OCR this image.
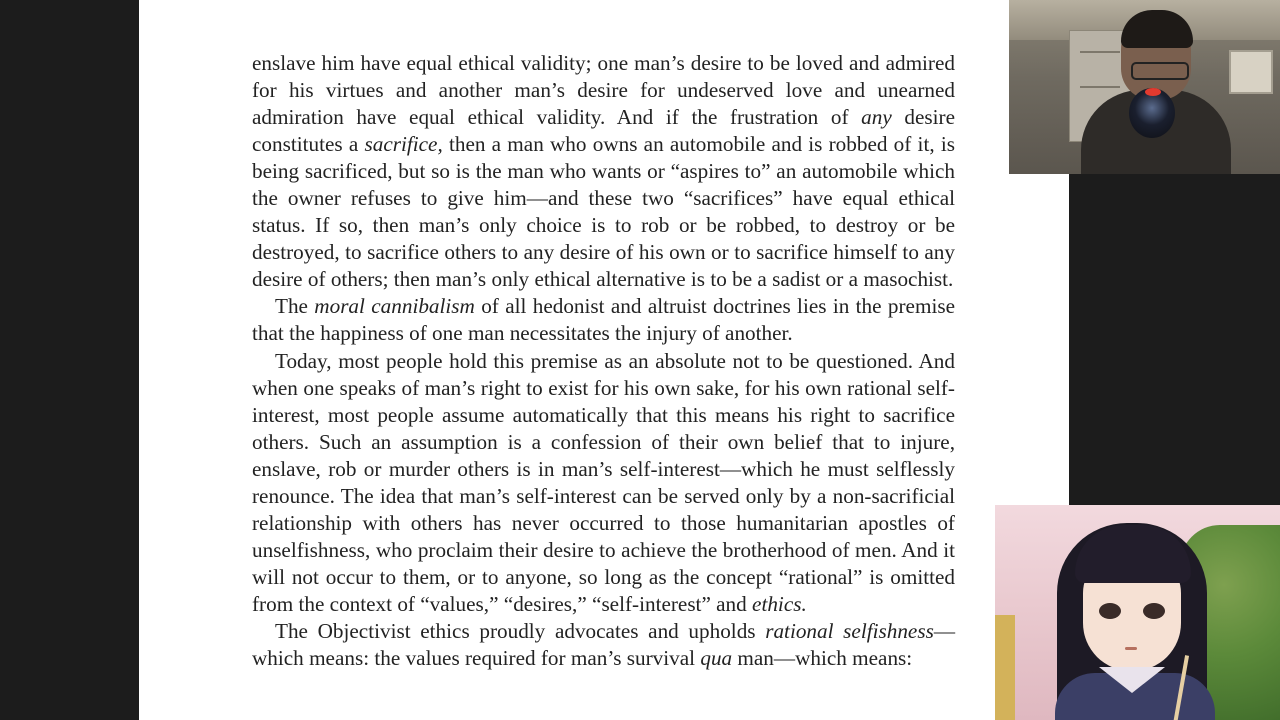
enslave him have equal ethical validity; one man’s desire to be loved and admired for his virtues and another man’s desire for undeserved love and unearned admiration have equal ethical validity. And if the frustration of any desire constitutes a sacrifice, then a man who owns an automobile and is robbed of it, is being sacrificed, but so is the man who wants or “aspires to” an automobile which the owner refuses to give him—and these two “sacrifices” have equal ethical status. If so, then man’s only choice is to rob or be robbed, to destroy or be destroyed, to sacrifice others to any desire of his own or to sacrifice himself to any desire of others; then man’s only ethical alternative is to be a sadist or a masochist.

The moral cannibalism of all hedonist and altruist doctrines lies in the premise that the happiness of one man necessitates the injury of another.

Today, most people hold this premise as an absolute not to be questioned. And when one speaks of man’s right to exist for his own sake, for his own rational self-interest, most people assume automatically that this means his right to sacrifice others. Such an assumption is a confession of their own belief that to injure, enslave, rob or murder others is in man’s self-interest—which he must selflessly renounce. The idea that man’s self-interest can be served only by a non-sacrificial relationship with others has never occurred to those humanitarian apostles of unselfishness, who proclaim their desire to achieve the brotherhood of men. And it will not occur to them, or to anyone, so long as the concept “rational” is omitted from the context of “values,” “desires,” “self-interest” and ethics.

The Objectivist ethics proudly advocates and upholds rational selfishness—which means: the values required for man’s survival qua man—which means:
